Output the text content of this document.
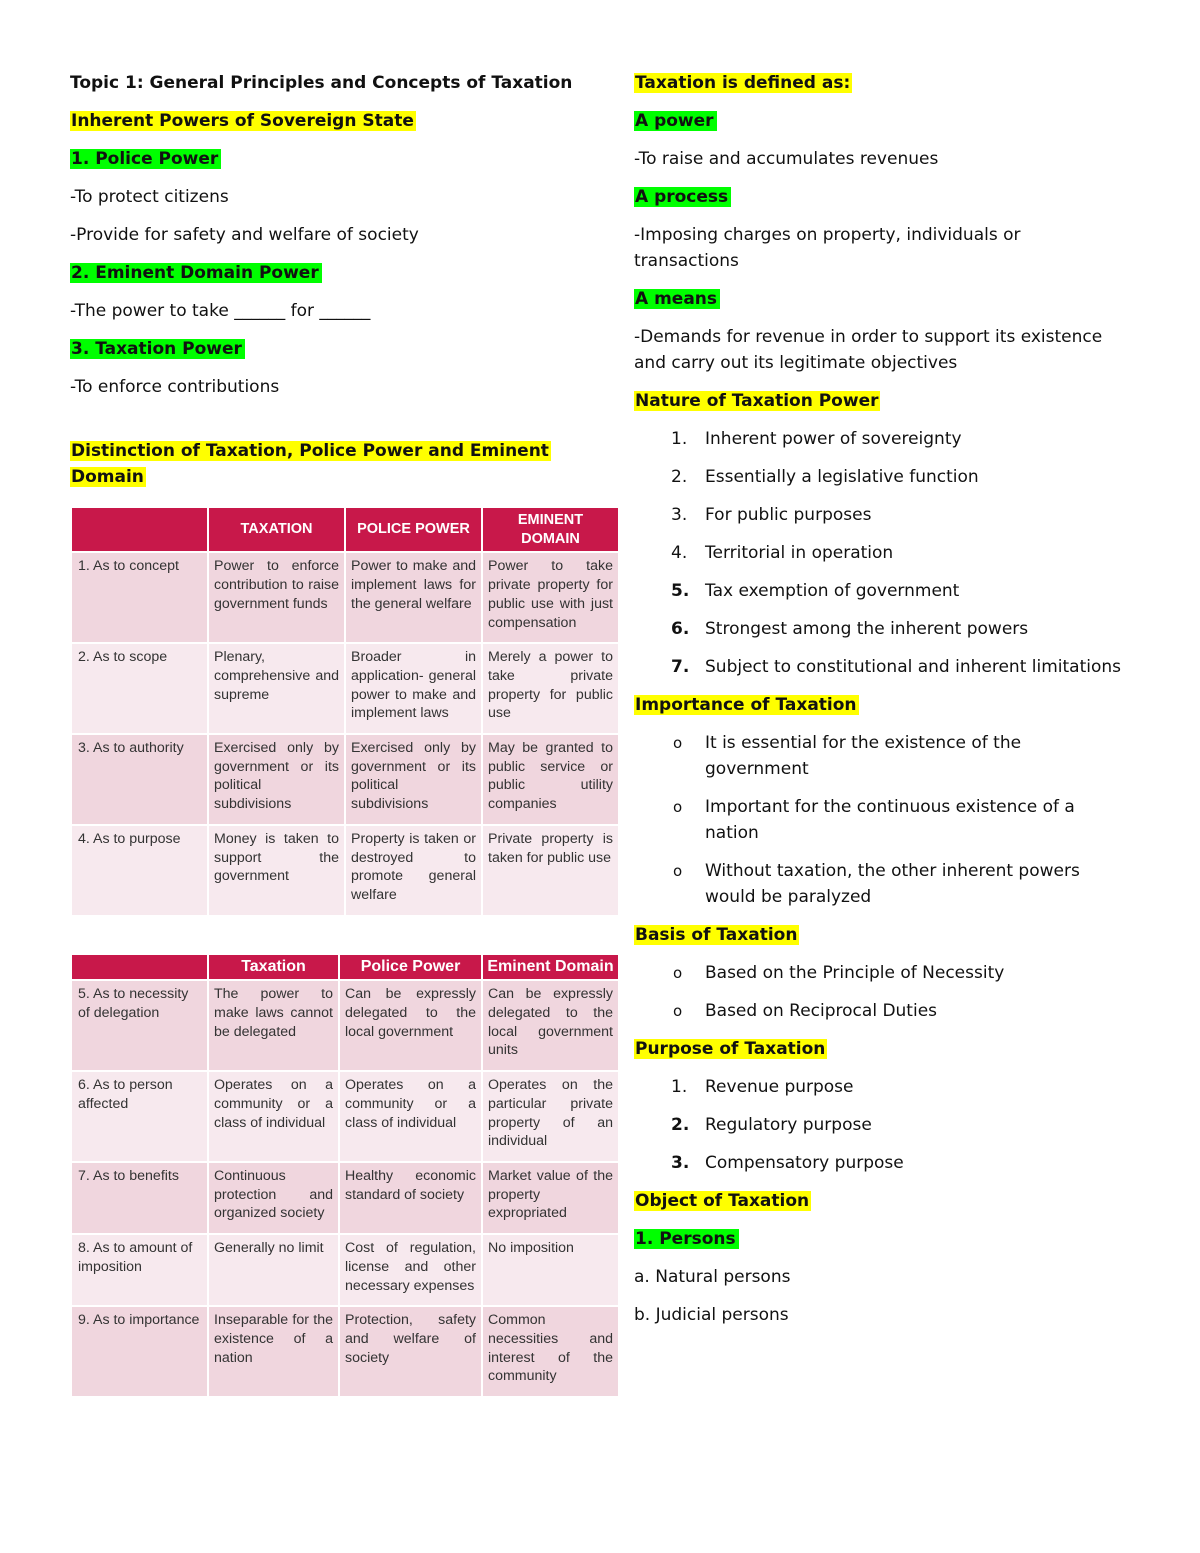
Topic 1: General Principles and Concepts of Taxation

Inherent Powers of Sovereign State

1. Police Power

-To protect citizens

-Provide for safety and welfare of society

2. Eminent Domain Power

-The power to take ______ for ______

3. Taxation Power

-To enforce contributions

Distinction of Taxation, Police Power and Eminent
Domain

	TAXATION	POLICE POWER	EMINENT DOMAIN
1. As to concept	Power to enforce contribution to raise government funds	Power to make and implement laws for the general welfare	Power to take private property for public use with just compensation
2. As to scope	Plenary, comprehensive and supreme	Broader in application- general power to make and implement laws	Merely a power to take private property for public use
3. As to authority	Exercised only by government or its political subdivisions	Exercised only by government or its political subdivisions	May be granted to public service or public utility companies
4. As to purpose	Money is taken to support the government	Property is taken or destroyed to promote general welfare	Private property is taken for public use
	Taxation	Police Power	Eminent Domain
5. As to necessity of delegation	The power to make laws cannot be delegated	Can be expressly delegated to the local government	Can be expressly delegated to the local government units
6. As to person affected	Operates on a community or a class of individual	Operates on a community or a class of individual	Operates on the particular private property of an individual
7. As to benefits	Continuous protection and organized society	Healthy economic standard of society	Market value of the property expropriated
8. As to amount of imposition	Generally no limit	Cost of regulation, license and other necessary expenses	No imposition
9. As to importance	Inseparable for the existence of a nation	Protection, safety and welfare of society	Common necessities and interest of the community

Taxation is defined as:

A power

-To raise and accumulates revenues

A process

-Imposing charges on property, individuals or transactions

A means

-Demands for revenue in order to support its existence and carry out its legitimate objectives

Nature of Taxation Power

1. Inherent power of sovereignty
2. Essentially a legislative function
3. For public purposes
4. Territorial in operation
5. Tax exemption of government
6. Strongest among the inherent powers
7. Subject to constitutional and inherent limitations

Importance of Taxation

o It is essential for the existence of the government
o Important for the continuous existence of a nation
o Without taxation, the other inherent powers would be paralyzed

Basis of Taxation

o Based on the Principle of Necessity
o Based on Reciprocal Duties

Purpose of Taxation

1. Revenue purpose
2. Regulatory purpose
3. Compensatory purpose

Object of Taxation

1. Persons

a. Natural persons

b. Judicial persons
